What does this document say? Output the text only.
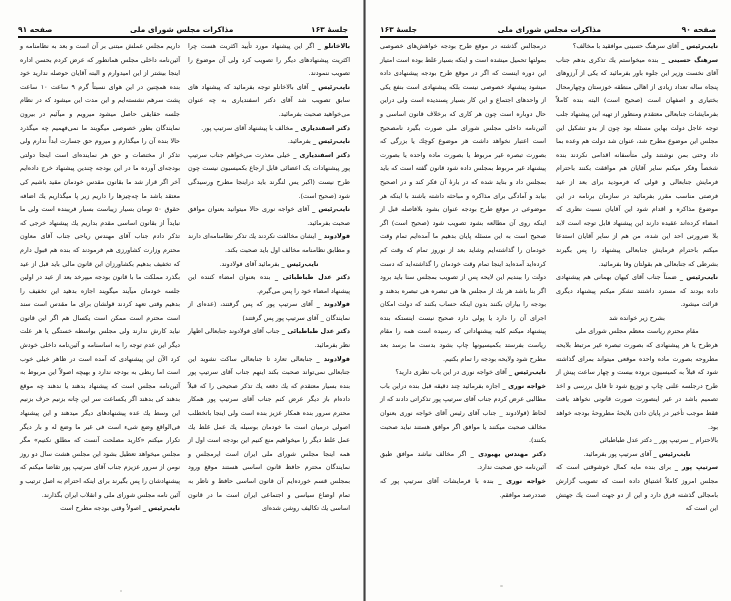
جلسهٔ ۱۶۳
مذاکرات مجلس شورای ملی
صفحه ۹۱

بالاخانلو _ اگر این پیشنهاد مورد تأیید اکثریت هست چرا اکثریت پیشنهادهای دیگر را تصویب کرد ولی آن موضوع را تصویب ننمودند.

نایب‌رئیس _ آقای بالاخانلو توجه بفرمائید که پیشنهاد های سابق تصویب شد آقای دکتر اسفندیاری به چه عنوان می‌خواهید صحبت بفرمائید.

دکتر اسفندیاری _ مخالف با پیشنهاد آقای سرتیپ پور.

نایب‌رئیس _ بفرمائید.

دکتر اسفندیاری _ خیلی معذرت می‌خواهم جناب سرتیپ پور پیشنهادات یک اعضائی قابل ارجاع بکمیسیون نیست چون طرح نیست (اکبر یس لنگرند باید دراینجا مطرح ورسیدگی شود (صحیح است).

نایب‌رئیس _ آقای خواجه نوری حالا میتوانید بعنوان موافق صحبت بفرمائید.

فولادوند _ ایشان مخالفت نکردند یك تذکر نظامنامه‌ای دارند و مطابق نظامنامه مخالف اول باید صحبت بکند.

نایب‌رئیس _ بفرمائید آقای فولادوند.

دکتر عدل طباطبائی _ بنده بعنوان امضاء کننده این پیشنهاد امضاء خود را پس می‌گیرم.

فولادوند _ آقای سرتیپ پور که پس گرفتند، (عده‌ای از نمایندگان _ آقای سرتیپ پور پس گرفتند)

دکتر عدل طباطبائی _ جناب آقای فولادوند جنابعالی اظهار نظر بفرمائید.

فولادوند _ جنابعالی تعارد تا جنابعالی ساکت نشوید این جنابعالی نمی‌تواند صحبت بکند اینهم جناب آقای سرتیپ پور بنده بسیار معتقدم که یك دفعه یك تذکر صحیحی را که قبلاً داده‌ام باز دیگر عرض کنم جناب آقای سرتیپ پور همکار محترم سرور بنده همکار عزیز بنده است ولی اینجا باتخطلب اصولی درمیان است ما خودمان بوسیله یك عمل غلط یك عمل غلط دیگر را میخواهیم منع کنیم این بودجه است اول از همه اینجا مجلس شورای ملی ایران است ایرمجلس و نمایندگان محترم حافظ قانون اساسی هستند موقع ورود بمجلس قسم خورده‌ایم آن قانون اساسی حافظ و ناظر به تمام اوضاع سیاسی و اجتماعی ایران است ما در قانون اساسی یك تکالیف روشن شده‌ای

داریم مجلس عملش مبتنی بر آن است و بعد به نظامنامه و آئین‌نامه داخلی مجلس همانطور که عرض کردم بحسن اداره اینجا بیشتر از این امیدوارم و البته آقایان حوصله ندارید خود بنده همچنین در این هوای نسبتاً گرم ۹ ساعت ۱۰ ساعت پشت سرهم نشسته‌ایم و این مدت این میشود که در نظام جلسه حقایقی حاصل میشود میرویم و میآئیم در بیرون نمایندگان بطور خصوصی میگویند ما نمی‌فهمیم چه میگذرد حالا بنده آن را میگذارم و میروم حق جسارت ابداً ندارم ولی تذکر از مختصات و حق هر نماینده‌ای است اینجا دولتی بودجه‌ای آورده ما در این بودجه چندین پیشنهاد خرج داده‌ایم آخر اگر قرار شد ما بقانون مقدس خودمان مقید باشیم کی معتقد باشد ما چه‌چیزها را داریم زیر پا میگذاریم یك اضافه حقوق ۵۰ تومان بسیار زیباست بسیار فریبنده است ولی ما نبایداً از بقانون اساسی مقدم بداریم یك پیشنهاد خرجی که تذکر دادم جناب آقای مهندس ریاحی جناب آقای معاون محترم وزارت کشاورزی هم فرمودند که بنده هم قبول دارم که تخفیف بدهیم بکشاورزان این قانون مالی باید قبل از عید بگذرد مملکت ما با قانون بودجه میپرخد بعد از عید در اولین جلسه خودمان میآیند میگویند اجازه بدهید این تخفیف را بدهیم وقتی تعهد کردند قولشان برای ما مقدس است سند است محترم است ممکن است یکسال هم اگر این قانون نیاید کارش ندارند ولی مجلس بواسطه خستگی یا هر علت دیگر این عدم توجه را به اساسنامه و آئین‌نامه داخلی خودش کرد الآن این پیشنهادی که آمده است در ظاهر خیلی خوب است اما ربطی به بودجه ندارد و بهیچه اصولاً این مربوط به آئین‌نامه مجلس است که پیشنهاد بدهند یا ندهند چه موقع بدهند کی بدهند اگر یکساعت سر این چانه بزنیم حرف بزنیم این وسط یك عده پیشنهادهای دیگر میدهند و این پیشنهاد فی‌الواقع وضع شیء است فی غیر ما وضع له و بار دیگر تکرار میکنم «کارید مصلحت آنست که مطلق نکنیم» مگر مجلس میخواهد تعطیل بشود این مجلس هشت سال دو روز نومن از سرور عزیزم جناب آقای سرتیپ پور تقاضا میکنم که پیشنهادشان را پس بگیرند برای اینکه احترام به اصل ترتیب و آئین نامه مجلس شورای ملی و انقلاب ایران بگذارند.

نایب‌رئیس _ اصولاً وقتی بودجه مطرح است

صفحه ۹۰
مذاکرات مجلس شورای ملی
جلسهٔ ۱۶۳

نایب‌رئیس _ آقای سرهنگ حسینی موافقید با مخالف؟

سرهنگ حسینی _ بنده میخواستم یك تذکری بدهم جناب آقای نخست وزیر این جلوه باور بفرمائید که یکی از آرزوهای پنجاه ساله تعداد زیادی از اهالی منطقه خوزستان وچهارمحال بختیاری و اصفهان است (صحیح است) البته بنده کاملاً بفرمایشات جنابعالی معتقدم ومنظور از تهیه این پیشنهاد جلب توجه عاجل دولت بهاین مسئله بود چون از بدو تشکیل این مجلس این موضوع مطرح شد، عنوان شد دولت هم وعده بما داد وحتی بمن نوشتند ولی متأسفانه اقدامی نکردند بنده شخصاً وفکر میکنم سایر آقایان هم موافقت بکنند باحترام فرمایش جنابعالی و قولی که فرمودید برای بعد از عید فرصتی مناسب مقرر بفرمائید در سازمان برنامه در این موضوع مذاکره و اقدام شود این آقایان نسبت نظری که امضاء کرده‌اند عقیده دارند این پیشنهاد قابل توجه است لابد بلا ضرورتی احد این شده، من هم از سایر آقایان استدعا میکنم باحترام فرمایش جنابعالی پیشنهاد را پس بگیرند بشرطی که جنابعالی هم بقولتان وفا بفرمائید.

نایب‌رئیس _ ضمناً جناب آقای کیهان بهمانی هم پیشنهادی داده بودند که مسترد داشتند تشکر میکنم پیشنهاد دیگری قرائت میشود.

بشرح زیر خوانده شد

مقام محترم ریاست معظم مجلس شورای ملی

هرطرح یا هر پیشنهادی که بصورت تبصره غیر مرتبط بلایحه مطروحه بصورت ماده واحده موقعی میتواند بمرای گذاشته شود که قبلاً به کمیسیون بروده بیست و چهار ساعت پیش از طرح درجلسه علنی چاپ و توزیع شود تا قابل بررسی و اخذ تصمیم باشد در غیر اینصورت صورت قانونی نخواهد یافت فقط موجب تأخیر در پایان دادن بلایحهٔ مطروحهٔ بودجه خواهد بود.

بالاحترام _ سرتیپ پور _ دکتر عدل طباطبائی

نایب‌رئیس _ آقای سرتیپ پور بفرمائید.

سرتیپ پور _ برای بنده مایه کمال خوشوقتی است که مجلس امروز کاملاً اشتیاق داده است که تصویب گزارش بامجالی گذشته فرق دارد و این از دو جهت است یك جهتش این است که

درمجالس گذشته در موقع طرح بودجه خواهش‌های خصوصی بمولتها تحمیل میشده است و اینکه بسیار غلط بوده است امتیاز این دوره اینست که اگر در موقع طرح بودجه پیشنهادی داده میشود پیشنهاد خصوصی نیست بلکه پیشنهادی است بنفع یکی از واحدهای اجتماع و این کار بسیار پسندیده است ولی دراین حال دوباره است چون هر کاری که برخلاف قانون اساسی و آئین‌نامه داخلی مجلس شورای ملی صورت بگیرد نامصحیح است اعتبار نخواهد داشت هر موضوع کوچك یا بزرگی که بصورت تبصره غیر مربوط یا بصورت ماده واحده یا بصورت پیشنهاد غیر مربوط بمجلس داده شود قانون گفته است که باید بمجلس داد و بناید شده که در بارهٔ آن فکر کند و در اصحیح بیابد و آمادگی برای مذاکره و مباحثه داشته باشند با اینکه هر موضوعی در موقع طرح بودجه عنوان بشود بلافاصله قبل از اینکه روی آن مطالعه بشود تصویب شود (صحیح است) اگر صحیح است به این مسئله پایان بدهیم ما آمده‌ایم تمام وقت خودمان را گذاشته‌ایم وشاید بعد از نوروز تمام که وقت کم کرده‌اید آمده‌اید اینجا تمام وقت خودمان را گذاشته‌اید که دست دولت را ببندیم این لایحه پس از تصویب بمجلس سنا باید برود اگر بنا باشد هر یك از مجلس ها هی تبصره هی تبصره بدهند و بودجه را بیاران بکنند بدون اینکه حساب بکنند که دولت امکان اجرای آن را دارد یا پولی دارد صحیح نیست اینستکه بنده پیشنهاد میکنم کلیه پیشنهاداتی که رسیده است همه را مقام ریاست بفرستد بکمیسیونها چاپ بشود بدست ما برسد بعد مطرح شود ولایحه بودجه را تمام بکنیم.

نایب‌رئیس _ آقای خواجه نوری در این باب نظری دارید؟

خواجه نوری _ اجازه بفرمائید چند دقیقه قبل بنده دراین باب مطالبی عرض کردم جناب آقای سرتیپ پور تذکراتی دادند که از لحاظ (فولادوند _ جناب آقای رئیس آقای خواجه نوری بعنوان مخالف صحبت میکنند یا موافق اگر موافق هستند نباید صحبت بکنند).

دکتر مهندس بهبودی _ اگر مخالف نباشد موافق طبق آئین‌نامه حق صحبت ندارد.

خواجه نوری _ بنده با فرمایشات آقای سرتیپ پور که صددرصد موافقم.
